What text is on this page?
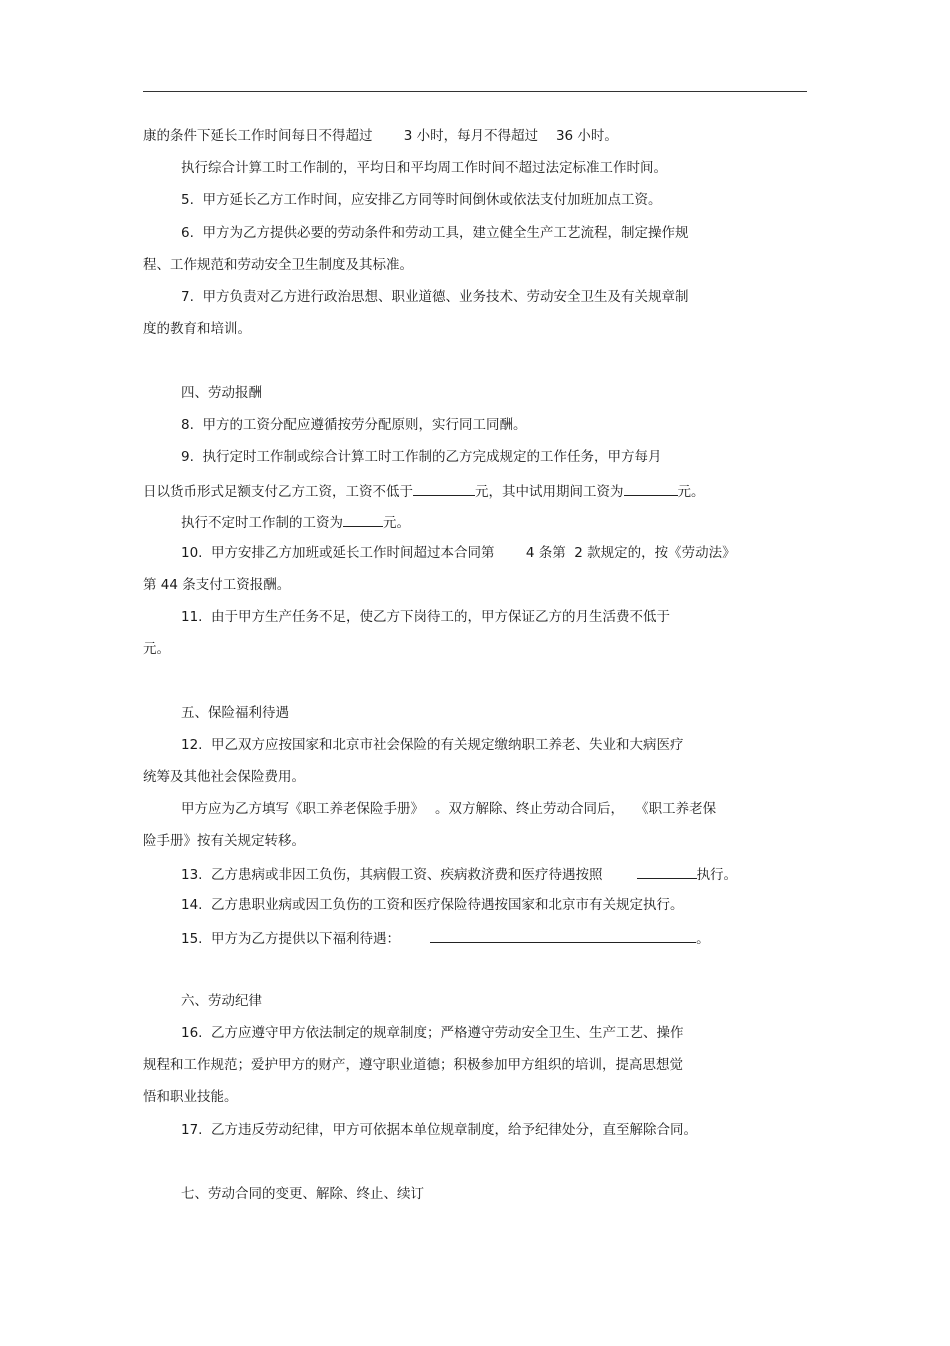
康的条件下延长工作时间每日不得超过　　 3 小时，每月不得超过　 36 小时。
执行综合计算工时工作制的，平均日和平均周工作时间不超过法定标准工作时间。
5.  甲方延长乙方工作时间，应安排乙方同等时间倒休或依法支付加班加点工资。
6.  甲方为乙方提供必要的劳动条件和劳动工具，建立健全生产工艺流程，制定操作规
程、工作规范和劳动安全卫生制度及其标准。
7.  甲方负责对乙方进行政治思想、职业道德、业务技术、劳动安全卫生及有关规章制
度的教育和培训。
四、劳动报酬
8.  甲方的工资分配应遵循按劳分配原则，实行同工同酬。
9.  执行定时工作制或综合计算工时工作制的乙方完成规定的工作任务，甲方每月
日以货币形式足额支付乙方工资，工资不低于	元，其中试用期间工资为	元。
执行不定时工作制的工资为	元。
10.  甲方安排乙方加班或延长工作时间超过本合同第　　 4 条第  2 款规定的，按《劳动法》
第 44 条支付工资报酬。
11.  由于甲方生产任务不足，使乙方下岗待工的，甲方保证乙方的月生活费不低于
元。
五、保险福利待遇
12.  甲乙双方应按国家和北京市社会保险的有关规定缴纳职工养老、失业和大病医疗
统筹及其他社会保险费用。
甲方应为乙方填写《职工养老保险手册》　 。双方解除、终止劳动合同后，　 《职工养老保
险手册》按有关规定转移。
13.  乙方患病或非因工负伤，其病假工资、疾病救济费和医疗待遇按照	执行。
14.  乙方患职业病或因工负伤的工资和医疗保险待遇按国家和北京市有关规定执行。
15.  甲方为乙方提供以下福利待遇：	。
六、劳动纪律
16.  乙方应遵守甲方依法制定的规章制度；严格遵守劳动安全卫生、生产工艺、操作
规程和工作规范；爱护甲方的财产，遵守职业道德；积极参加甲方组织的培训，提高思想觉
悟和职业技能。
17.  乙方违反劳动纪律，甲方可依据本单位规章制度，给予纪律处分，直至解除合同。
七、劳动合同的变更、解除、终止、续订
